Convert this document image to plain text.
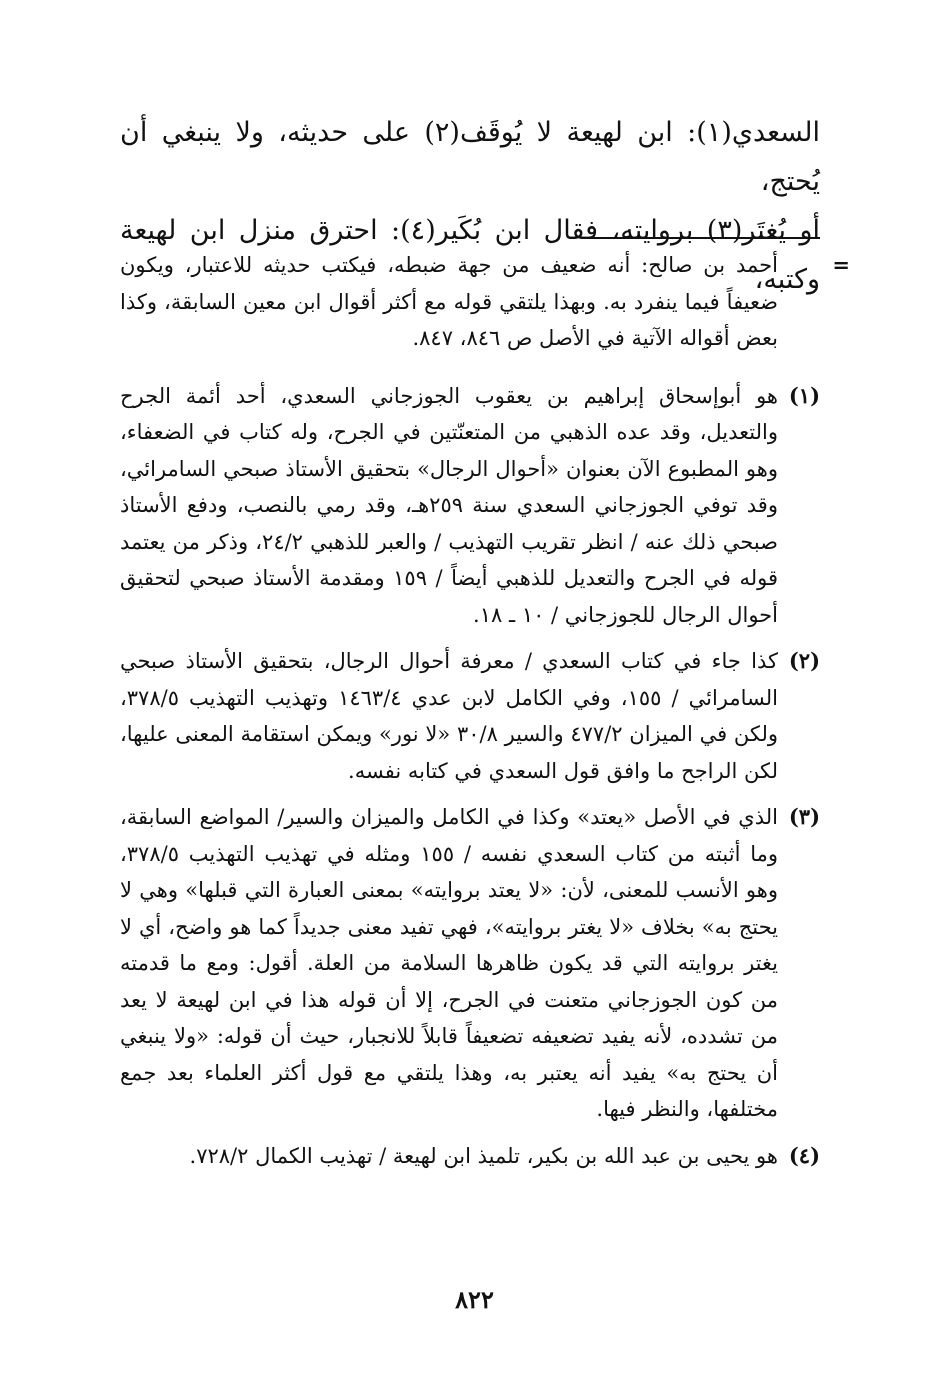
السعدي(١): ابن لهيعة لا يُوقَف(٢) على حديثه، ولا ينبغي أن يُحتج،

أو يُغتَر(٣) بروايته، فقال ابن بُكَير(٤): احترق منزل ابن لهيعة وكتبه، =

أحمد بن صالح: أنه ضعيف من جهة ضبطه، فيكتب حديثه للاعتبار، ويكون ضعيفاً فيما ينفرد به. وبهذا يلتقي قوله مع أكثر أقوال ابن معين السابقة، وكذا بعض أقواله الآتية في الأصل ص ٨٤٦، ٨٤٧.

(١)

هو أبوإسحاق إبراهيم بن يعقوب الجوزجاني السعدي، أحد أئمة الجرح والتعديل، وقد عده الذهبي من المتعنّتين في الجرح، وله كتاب في الضعفاء، وهو المطبوع الآن بعنوان «أحوال الرجال» بتحقيق الأستاذ صبحي السامرائي، وقد توفي الجوزجاني السعدي سنة ٢٥٩هـ، وقد رمي بالنصب، ودفع الأستاذ صبحي ذلك عنه / انظر تقريب التهذيب / والعبر للذهبي ٢٤/٢، وذكر من يعتمد قوله في الجرح والتعديل للذهبي أيضاً / ١٥٩ ومقدمة الأستاذ صبحي لتحقيق أحوال الرجال للجوزجاني / ١٠ ـ ١٨.

(٢)

كذا جاء في كتاب السعدي / معرفة أحوال الرجال، بتحقيق الأستاذ صبحي السامرائي / ١٥٥، وفي الكامل لابن عدي ١٤٦٣/٤ وتهذيب التهذيب ٣٧٨/٥، ولكن في الميزان ٤٧٧/٢ والسير ٣٠/٨ «لا نور» ويمكن استقامة المعنى عليها، لكن الراجح ما وافق قول السعدي في كتابه نفسه.

(٣)

الذي في الأصل «يعتد» وكذا في الكامل والميزان والسير/ المواضع السابقة، وما أثبته من كتاب السعدي نفسه / ١٥٥ ومثله في تهذيب التهذيب ٣٧٨/٥، وهو الأنسب للمعنى، لأن: «لا يعتد بروايته» بمعنى العبارة التي قبلها» وهي لا يحتج به» بخلاف «لا يغتر بروايته»، فهي تفيد معنى جديداً كما هو واضح، أي لا يغتر بروايته التي قد يكون ظاهرها السلامة من العلة. أقول: ومع ما قدمته من كون الجوزجاني متعنت في الجرح، إلا أن قوله هذا في ابن لهيعة لا يعد من تشدده، لأنه يفيد تضعيفه تضعيفاً قابلاً للانجبار، حيث أن قوله: «ولا ينبغي أن يحتج به» يفيد أنه يعتبر به، وهذا يلتقي مع قول أكثر العلماء بعد جمع مختلفها، والنظر فيها.

(٤)

هو يحيى بن عبد الله بن بكير، تلميذ ابن لهيعة / تهذيب الكمال ٧٢٨/٢.

٨٢٢
